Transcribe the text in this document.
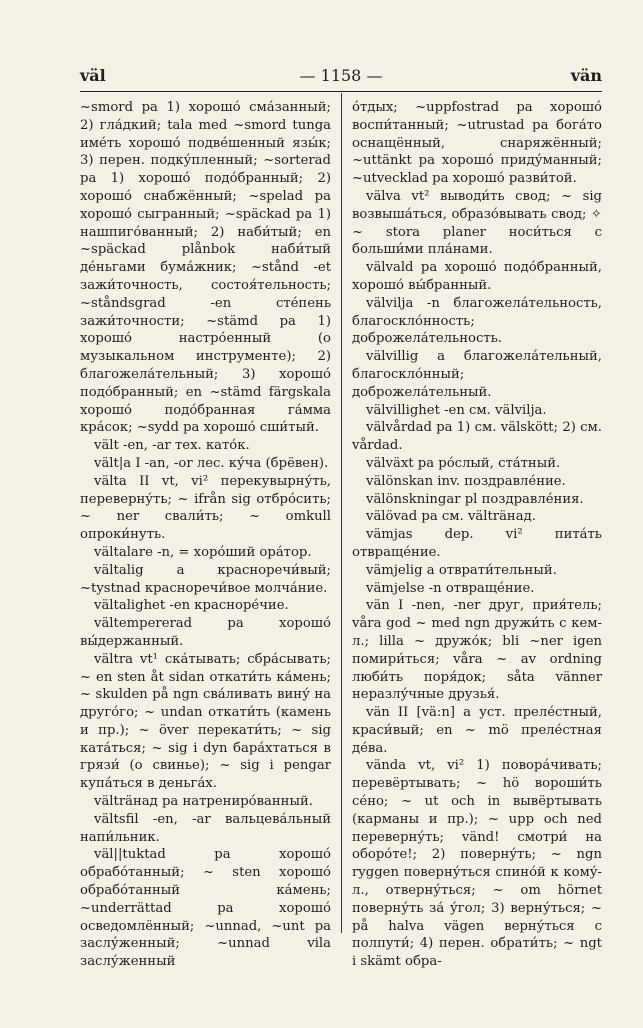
väl	— 1158 —	vän

~smord pa 1) хорошо́ сма́занный; 2) гла́дкий; tala med ~smord tunga име́ть хорошо́ подве́шенный язы́к; 3) перен. подку́пленный; ~sorterad pa 1) хорошо́ подо́бранный; 2) хорошо́ снабжённый; ~spelad pa хорошо́ сыгранный; ~späckad pa 1) нашпиго́ванный; 2) наби́тый; en ~späckad plånbok наби́тый де́ньгами бума́жник; ~stånd -et зажи́точность, состоя́тельность; ~ståndsgrad -en сте́пень зажи́точности; ~stämd pa 1) хорошо́ настро́енный (о музыкальном инструменте); 2) благожела́тельный; 3) хорошо́ подо́бранный; en ~stämd färgskala хорошо́ подо́бранная га́мма кра́сок; ~sydd pa хорошо́ сши́тый.

vält -en, -ar тех. като́к.

vält|a I -an, -or лес. ку́ча (брёвен).

välta II vt, vi² перекувырну́ть, переверну́ть; ~ ifrån sig отбро́сить; ~ ner свали́ть; ~ omkull опроки́нуть.

vältalare -n, = хоро́ший ора́тор.

vältalig a красноречи́вый; ~tystnad красноречи́вое молча́ние.

vältalighet -en красноре́чие.

vältempererad pa хорошо́ вы́держанный.

vältra vt¹ ска́тывать; сбра́сывать; ~ en sten åt sidan откати́ть ка́мень; ~ skulden på ngn сва́ливать вину́ на друго́го; ~ undan откати́ть (камень и пр.); ~ över перекати́ть; ~ sig ката́ться; ~ sig i dyn бара́хтаться в грязи́ (о свинье); ~ sig i pengar купа́ться в деньга́х.

välträнад pa натрениро́ванный.

vältsfil -en, -ar вальцева́льный напи́льник.

väl||tuktad pa хорошо́ обрабо́танный; ~ sten хорошо́ обрабо́танный ка́мень; ~underrättad pa хорошо́ осведомлённый; ~unnad, ~unt pa заслу́женный; ~unnad vila заслу́женный

о́тдых; ~uppfostrad pa хорошо́ воспи́танный; ~utrustad pa бога́то оснащённый, снаряжённый; ~uttänkt pa хорошо́ приду́манный; ~utvecklad pa хорошо́ разви́той.

välva vt² выводи́ть свод; ~ sig возвыша́ться, образо́вывать свод; ✧ ~ stora planer носи́ться с больши́ми пла́нами.

välvald pa хорошо́ подо́бранный, хорошо́ вы́бранный.

välvilja -n благожела́тельность, благоскло́нность; доброжела́тельность.

välvillig a благожела́тельный, благоскло́нный; доброжела́тельный.

välvillighet -en см. välvilja.

välvårdad pa 1) см. välskött; 2) см. vårdad.

välväxt pa ро́слый, ста́тный.

välönskan inv. поздравле́ние.

välönskningar pl поздравле́ния.

välövad pa см. välträнад.

vämjas dep. vi² пита́ть отвраще́ние.

vämjelig a отврати́тельный.

vämjelse -n отвраще́ние.

vän I -nen, -ner друг, прия́тель; våra god ~ med ngn дружи́ть с кем-л.; lilla ~ дружо́к; bli ~ner igen помири́ться; våra ~ av ordning люби́ть поря́док; såta vänner неразлу́чные друзья́.

vän II [vä:n] a уст. преле́стный, краси́вый; en ~ mö преле́стная де́ва.

vända vt, vi² 1) повора́чивать; перевёртывать; ~ hö вороши́ть се́но; ~ ut och in вывёртывать (карманы и пр.); ~ upp och ned переверну́ть; vänd! смотри́ на оборо́те!; 2) поверну́ть; ~ ngn ryggen поверну́ться спино́й к кому́-л., отверну́ться; ~ om hörnet поверну́ть за́ у́гол; 3) верну́ться; ~ på halva vägen верну́ться с полпути́; 4) перен. обрати́ть; ~ ngt i skämt обра-
